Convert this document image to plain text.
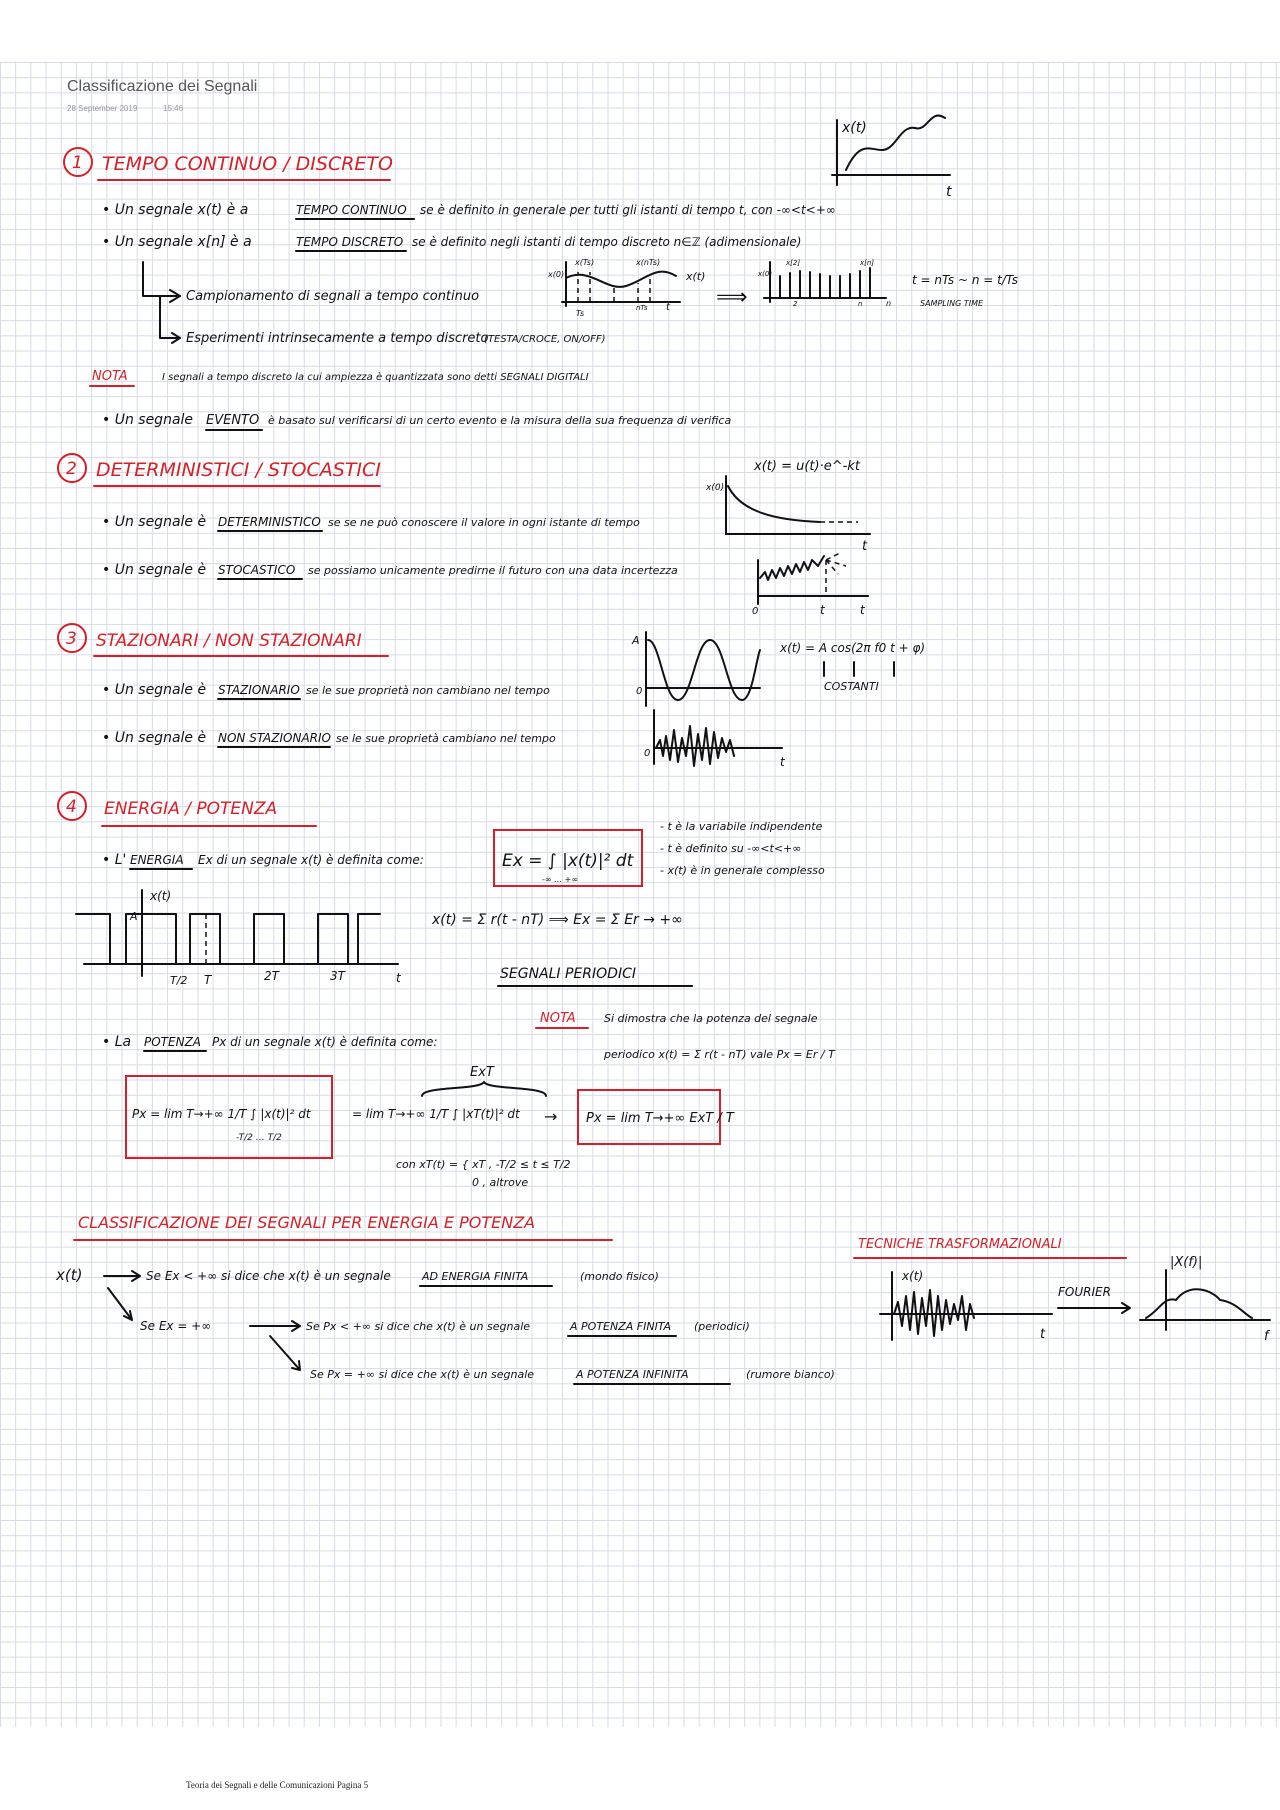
Classificazione dei Segnali
28 September 2019	15:46
x(t)
t
1 TEMPO CONTINUO / DISCRETO
• Un segnale x(t) è a	TEMPO CONTINUO se è definito in generale per tutti gli istanti di tempo t, con -∞<t<+∞
• Un segnale x[n] è a	TEMPO DISCRETO se è definito negli istanti di tempo discreto n∈ℤ (adimensionale)
Campionamento di segnali a tempo continuo
Esperimenti intrinsecamente a tempo discreto
(TESTA/CROCE, ON/OFF)
x(0)
x(Ts)	x(nTs)
x(t)
Ts
nTs t ⟹
x(0)
x[2]	x[n]
2	n	n
t = nTs ~ n = t/Ts
SAMPLING TIME
NOTA	I segnali a tempo discreto la cui ampiezza è quantizzata sono detti SEGNALI DIGITALI
• Un segnale EVENTO è basato sul verificarsi di un certo evento e la misura della sua frequenza di verifica
2 DETERMINISTICI / STOCASTICI
• Un segnale è DETERMINISTICO se se ne può conoscere il valore in ogni istante di tempo
• Un segnale è STOCASTICO se possiamo unicamente predirne il futuro con una data incertezza
x(t) = u(t)·e^-kt
x(0)
t
0	t	t
3 STAZIONARI / NON STAZIONARI
• Un segnale è STAZIONARIO se le sue proprietà non cambiano nel tempo
• Un segnale è NON STAZIONARIO se le sue proprietà cambiano nel tempo
A
0
x(t) = A cos(2π f0 t + φ)
COSTANTI
0
t
4 ENERGIA / POTENZA
• L' ENERGIA Ex di un segnale x(t) è definita come:	Ex = ∫ |x(t)|² dt
-∞ … +∞
- t è la variabile indipendente
- t è definito su -∞<t<+∞
- x(t) è in generale complesso
x(t)
A
T/2 T	2T	3T	t
x(t) = Σ r(t - nT) ⟹ Ex = Σ Er → +∞
SEGNALI PERIODICI
NOTA	Si dimostra che la potenza del segnale
periodico x(t) = Σ r(t - nT) vale Px = Er / T
• La POTENZA Px di un segnale x(t) è definita come:
Px = lim T→+∞ 1/T ∫ |x(t)|² dt
-T/2 … T/2
= lim T→+∞ 1/T ∫ |xT(t)|² dt
ExT
→ Px = lim T→+∞ ExT / T
con xT(t) = { xT , -T/2 ≤ t ≤ T/2
0 , altrove
CLASSIFICAZIONE DEI SEGNALI PER ENERGIA E POTENZA
x(t)	Se Ex < +∞ si dice che x(t) è un segnale	AD ENERGIA FINITA	(mondo fisico)
Se Ex = +∞	Se Px < +∞ si dice che x(t) è un segnale	A POTENZA FINITA (periodici)
Se Px = +∞ si dice che x(t) è un segnale	A POTENZA INFINITA	(rumore bianco)
TECNICHE TRASFORMAZIONALI
x(t)
t
FOURIER
|X(f)|
f
Teoria dei Segnali e delle Comunicazioni Pagina 5
